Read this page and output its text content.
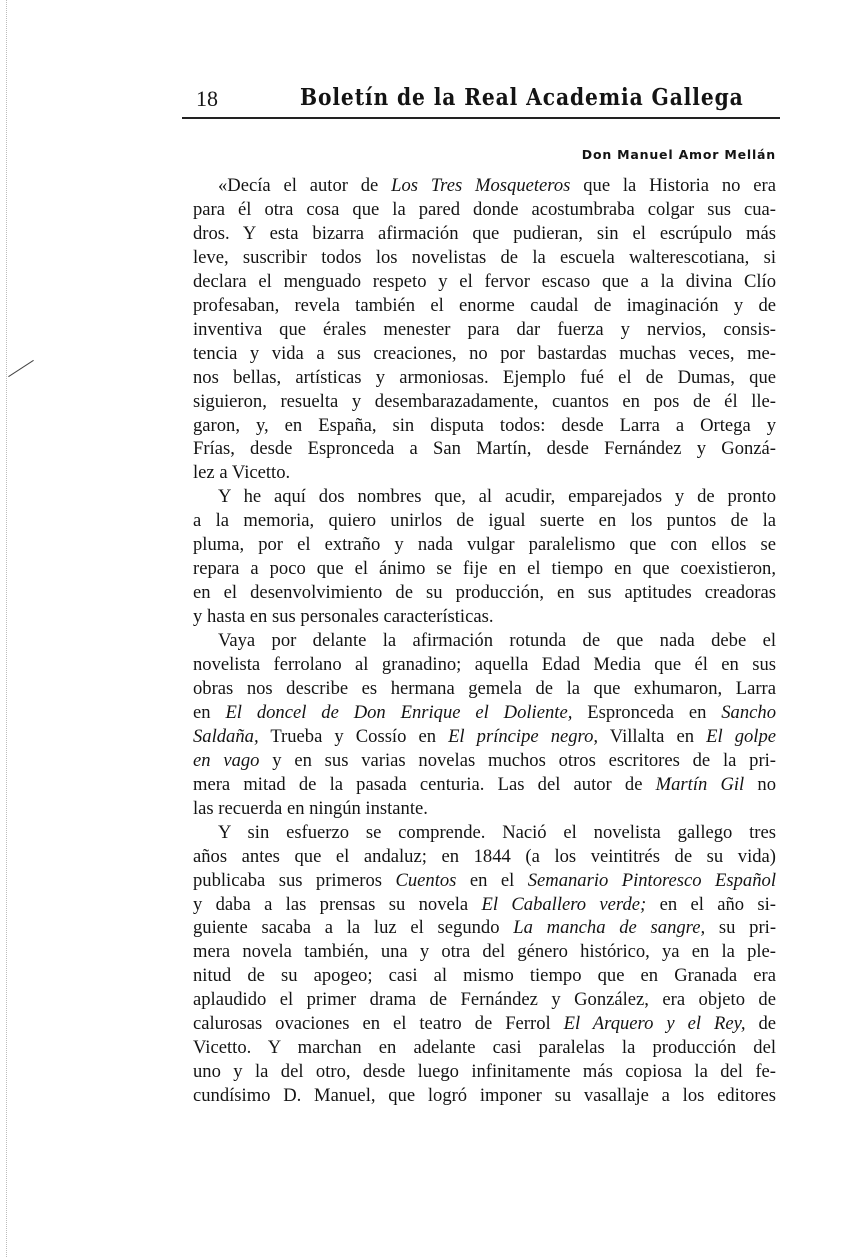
18	Boletín de la Real Academia Gallega
Don Manuel Amor Mellán
«Decía el autor de Los Tres Mosqueteros que la Historia no era
para él otra cosa que la pared donde acostumbraba colgar sus cua-
dros. Y esta bizarra afirmación que pudieran, sin el escrúpulo más
leve, suscribir todos los novelistas de la escuela walterescotiana, si
declara el menguado respeto y el fervor escaso que a la divina Clío
profesaban, revela también el enorme caudal de imaginación y de
inventiva que érales menester para dar fuerza y nervios, consis-
tencia y vida a sus creaciones, no por bastardas muchas veces, me-
nos bellas, artísticas y armoniosas. Ejemplo fué el de Dumas, que
siguieron, resuelta y desembarazadamente, cuantos en pos de él lle-
garon, y, en España, sin disputa todos: desde Larra a Ortega y
Frías, desde Espronceda a San Martín, desde Fernández y Gonzá-
lez a Vicetto.
Y he aquí dos nombres que, al acudir, emparejados y de pronto
a la memoria, quiero unirlos de igual suerte en los puntos de la
pluma, por el extraño y nada vulgar paralelismo que con ellos se
repara a poco que el ánimo se fije en el tiempo en que coexistieron,
en el desenvolvimiento de su producción, en sus aptitudes creadoras
y hasta en sus personales características.
Vaya por delante la afirmación rotunda de que nada debe el
novelista ferrolano al granadino; aquella Edad Media que él en sus
obras nos describe es hermana gemela de la que exhumaron, Larra
en El doncel de Don Enrique el Doliente, Espronceda en Sancho
Saldaña, Trueba y Cossío en El príncipe negro, Villalta en El golpe
en vago y en sus varias novelas muchos otros escritores de la pri-
mera mitad de la pasada centuria. Las del autor de Martín Gil no
las recuerda en ningún instante.
Y sin esfuerzo se comprende. Nació el novelista gallego tres
años antes que el andaluz; en 1844 (a los veintitrés de su vida)
publicaba sus primeros Cuentos en el Semanario Pintoresco Español
y daba a las prensas su novela El Caballero verde; en el año si-
guiente sacaba a la luz el segundo La mancha de sangre, su pri-
mera novela también, una y otra del género histórico, ya en la ple-
nitud de su apogeo; casi al mismo tiempo que en Granada era
aplaudido el primer drama de Fernández y González, era objeto de
calurosas ovaciones en el teatro de Ferrol El Arquero y el Rey, de
Vicetto. Y marchan en adelante casi paralelas la producción del
uno y la del otro, desde luego infinitamente más copiosa la del fe-
cundísimo D. Manuel, que logró imponer su vasallaje a los editores
